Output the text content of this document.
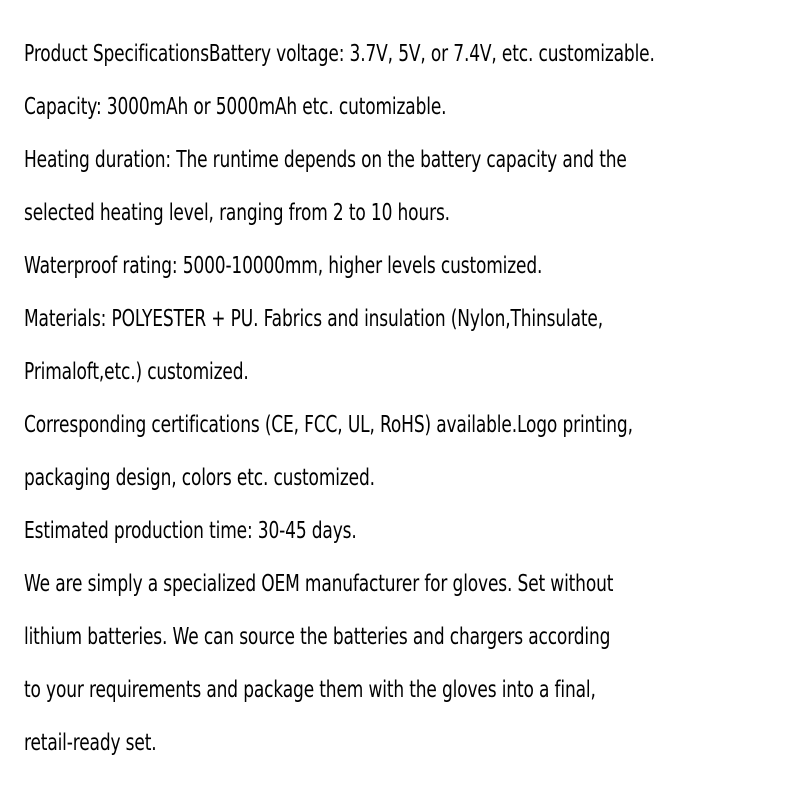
Product SpecificationsBattery voltage: 3.7V, 5V, or 7.4V, etc. customizable.
Capacity: 3000mAh or 5000mAh etc. cutomizable.
Heating duration: The runtime depends on the battery capacity and the
selected heating level, ranging from 2 to 10 hours.
Waterproof rating: 5000-10000mm, higher levels customized.
Materials: POLYESTER + PU. Fabrics and insulation (Nylon,Thinsulate,
Primaloft,etc.) customized.
Corresponding certifications (CE, FCC, UL, RoHS) available.Logo printing,
packaging design, colors etc. customized.
Estimated production time: 30-45 days.
We are simply a specialized OEM manufacturer for gloves. Set without
lithium batteries. We can source the batteries and chargers according
to your requirements and package them with the gloves into a final,
retail-ready set.
